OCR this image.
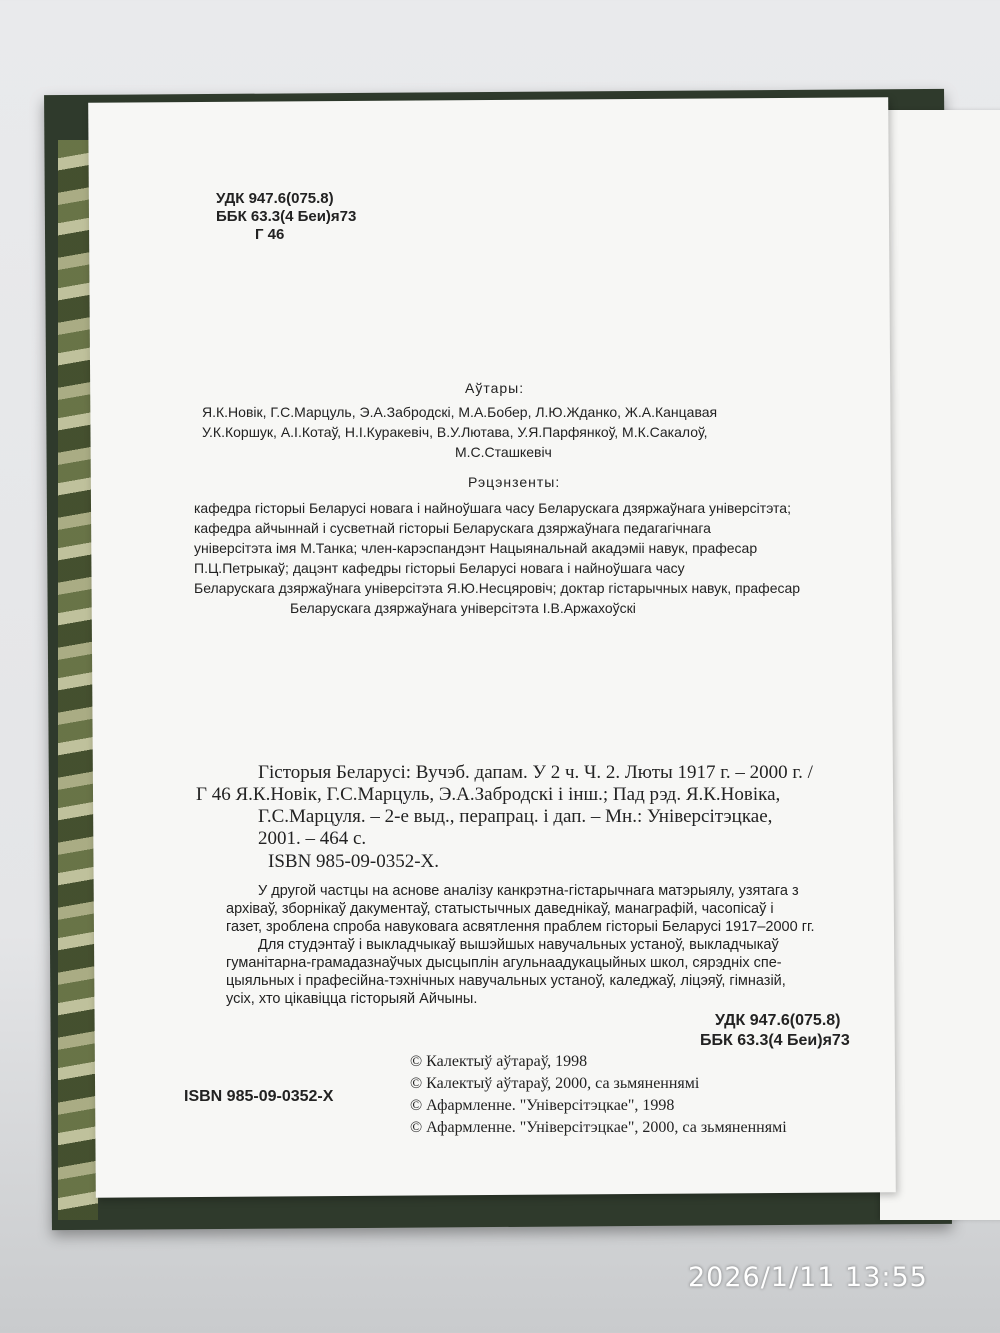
УДК 947.6(075.8)
ББК 63.3(4 Беи)я73
Г 46
Аўтары:
Я.К.Новік, Г.С.Марцуль, Э.А.Забродскі, М.А.Бобер, Л.Ю.Жданко, Ж.А.Канцавая
У.К.Коршук, А.І.Котаў, Н.І.Куракевіч, В.У.Лютава, У.Я.Парфянкоў, М.К.Сакалоў,
М.С.Сташкевіч
Рэцэнзенты:
кафедра гісторыі Беларусі новага і найноўшага часу Беларускага дзяржаўнага універсітэта;
кафедра айчыннай і сусветнай гісторыі Беларускага дзяржаўнага педагагічнага
універсітэта імя М.Танка; член-карэспандэнт Нацыянальнай акадэміі навук, прафесар
П.Ц.Петрыкаў; дацэнт кафедры гісторыі Беларусі новага і найноўшага часу
Беларускага дзяржаўнага універсітэта Я.Ю.Несцяровіч; доктар гістарычных навук, прафесар
Беларускага дзяржаўнага універсітэта І.В.Аржахоўскі
Гісторыя Беларусі: Вучэб. дапам. У 2 ч. Ч. 2. Люты 1917 г. – 2000 г. /
Г 46 Я.К.Новік, Г.С.Марцуль, Э.А.Забродскі і інш.; Пад рэд. Я.К.Новіка,
Г.С.Марцуля. – 2-е выд., перапрац. і дап. – Мн.: Універсітэцкае,
2001. – 464 с.
ISBN 985-09-0352-Х.
У другой частцы на аснове аналізу канкрэтна-гістарычнага матэрыялу, узятага з
архіваў, зборнікаў дакументаў, статыстычных даведнікаў, манаграфій, часопісаў і
газет, зроблена спроба навуковага асвятлення праблем гісторыі Беларусі 1917–2000 гг.
Для студэнтаў і выкладчыкаў вышэйшых навучальных устаноў, выкладчыкаў
гуманітарна-грамадазнаўчых дысцыплін агульнаадукацыйных школ, сярэдніх спе-
цыяльных і прафесійна-тэхнічных навучальных устаноў, каледжаў, ліцэяў, гімназій,
усіх, хто цікавіцца гісторыяй Айчыны.
УДК 947.6(075.8)
ББК 63.3(4 Беи)я73
ISBN 985-09-0352-Х
© Калектыў аўтараў, 1998
© Калектыў аўтараў, 2000, са зьмяненнямі
© Афармленне. "Універсітэцкае", 1998
© Афармленне. "Універсітэцкае", 2000, са зьмяненнямі
2026/1/11 13:55
